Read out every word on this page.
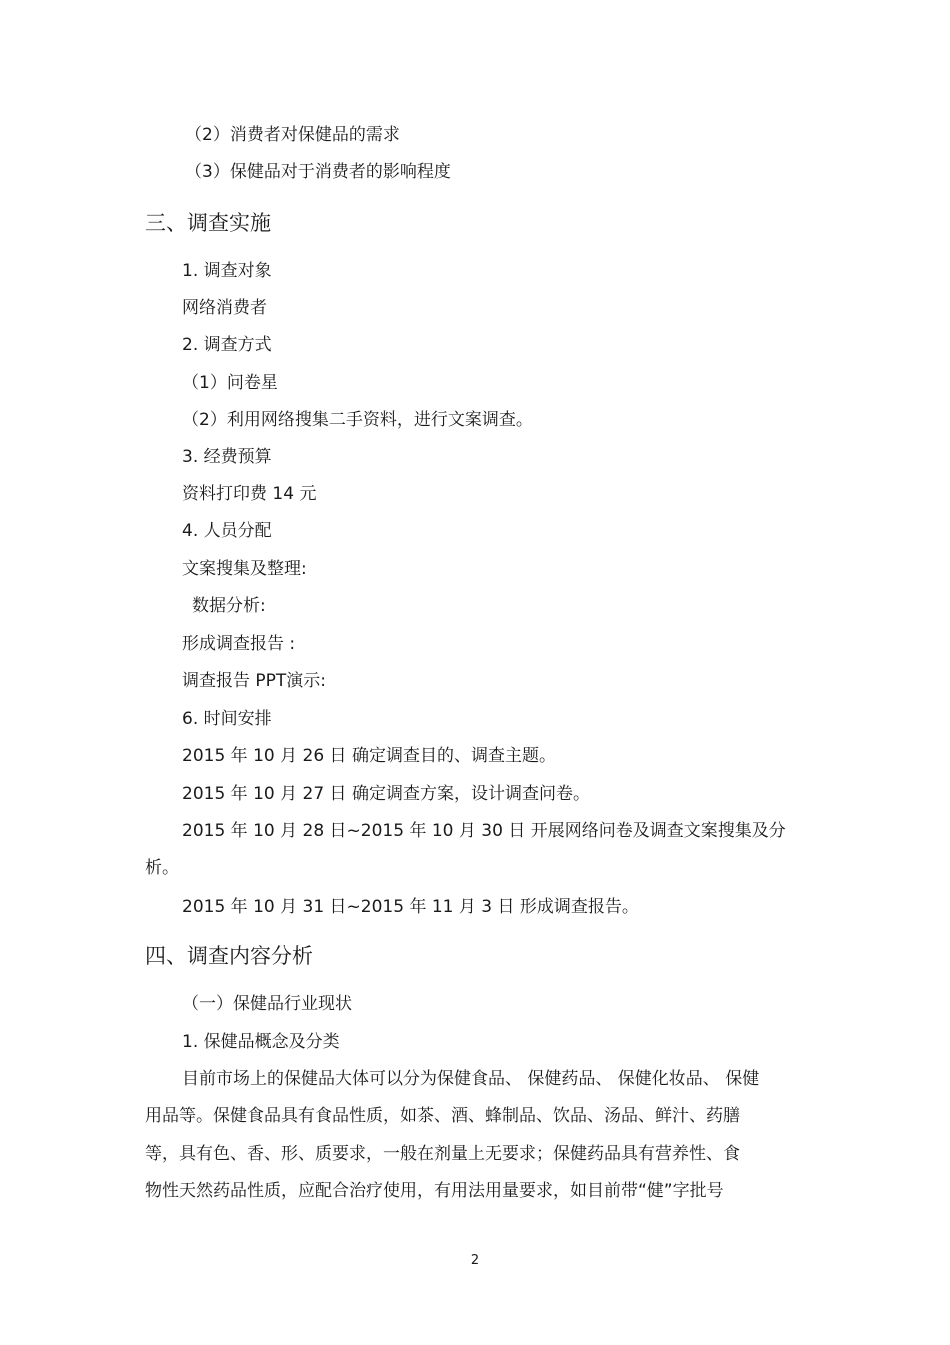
（2）消费者对保健品的需求
（3）保健品对于消费者的影响程度
三、调查实施
1. 调查对象
网络消费者
2. 调查方式
（1）问卷星
（2）利用网络搜集二手资料，进行文案调查。
3. 经费预算
资料打印费 14 元
4. 人员分配
文案搜集及整理:
数据分析:
形成调查报告 :
调查报告 PPT演示:
6. 时间安排
2015 年 10 月 26 日 确定调查目的、调查主题。
2015 年 10 月 27 日 确定调查方案，设计调查问卷。
2015 年 10 月 28 日~2015 年 10 月 30 日 开展网络问卷及调查文案搜集及分
析。
2015 年 10 月 31 日~2015 年 11 月 3 日 形成调查报告。
四、调查内容分析
（一）保健品行业现状
1. 保健品概念及分类
目前市场上的保健品大体可以分为保健食品、 保健药品、 保健化妆品、 保健
用品等。保健食品具有食品性质，如茶、酒、蜂制品、饮品、汤品、鲜汁、药膳
等，具有色、香、形、质要求，一般在剂量上无要求；保健药品具有营养性、食
物性天然药品性质，应配合治疗使用，有用法用量要求，如目前带“健”字批号
2
